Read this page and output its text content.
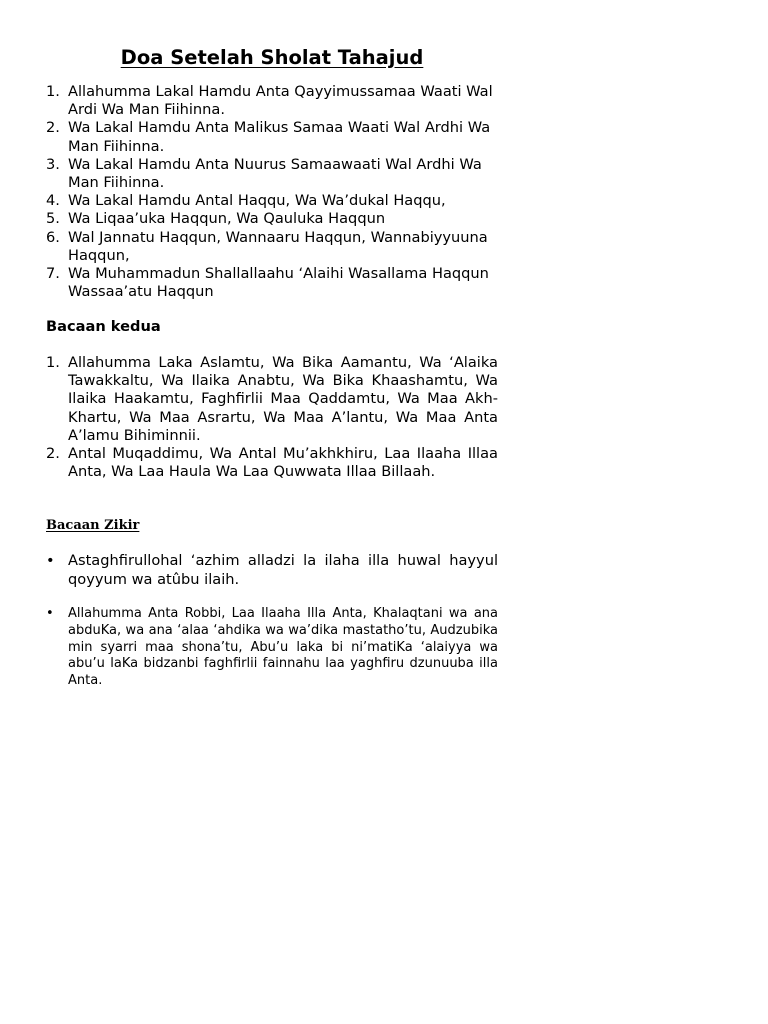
Doa Setelah Sholat Tahajud
1. Allahumma Lakal Hamdu Anta Qayyimussamaa Waati Wal Ardi Wa Man Fiihinna.
2. Wa Lakal Hamdu Anta Malikus Samaa Waati Wal Ardhi Wa Man Fiihinna.
3. Wa Lakal Hamdu Anta Nuurus Samaawaati Wal Ardhi Wa Man Fiihinna.
4. Wa Lakal Hamdu Antal Haqqu, Wa Wa’dukal Haqqu,
5. Wa Liqaa’uka Haqqun, Wa Qauluka Haqqun
6. Wal Jannatu Haqqun, Wannaaru Haqqun, Wannabiyyuuna Haqqun,
7. Wa Muhammadun Shallallaahu ‘Alaihi Wasallama Haqqun Wassaa’atu Haqqun
Bacaan kedua
1. Allahumma Laka Aslamtu, Wa Bika Aamantu, Wa ‘Alaika Tawakkaltu, Wa Ilaika Anabtu, Wa Bika Khaashamtu, Wa Ilaika Haakamtu, Faghfirlii Maa Qaddamtu, Wa Maa Akh-Khartu, Wa Maa Asrartu, Wa Maa A’lantu, Wa Maa Anta A’lamu Bihiminnii.
2. Antal Muqaddimu, Wa Antal Mu’akhkhiru, Laa Ilaaha Illaa Anta, Wa Laa Haula Wa Laa Quwwata Illaa Billaah.
Bacaan Zikir
• Astaghfirullohal ‘azhim alladzi la ilaha illa huwal hayyul qoyyum wa atûbu ilaih.
• Allahumma Anta Robbi, Laa Ilaaha Illa Anta, Khalaqtani wa ana abduKa, wa ana ‘alaa ‘ahdika wa wa’dika mastatho’tu, Audzubika min syarri maa shona’tu, Abu’u laka bi ni’matiKa ‘alaiyya wa abu’u laKa bidzanbi faghfirlii fainnahu laa yaghfiru dzunuuba illa Anta.
